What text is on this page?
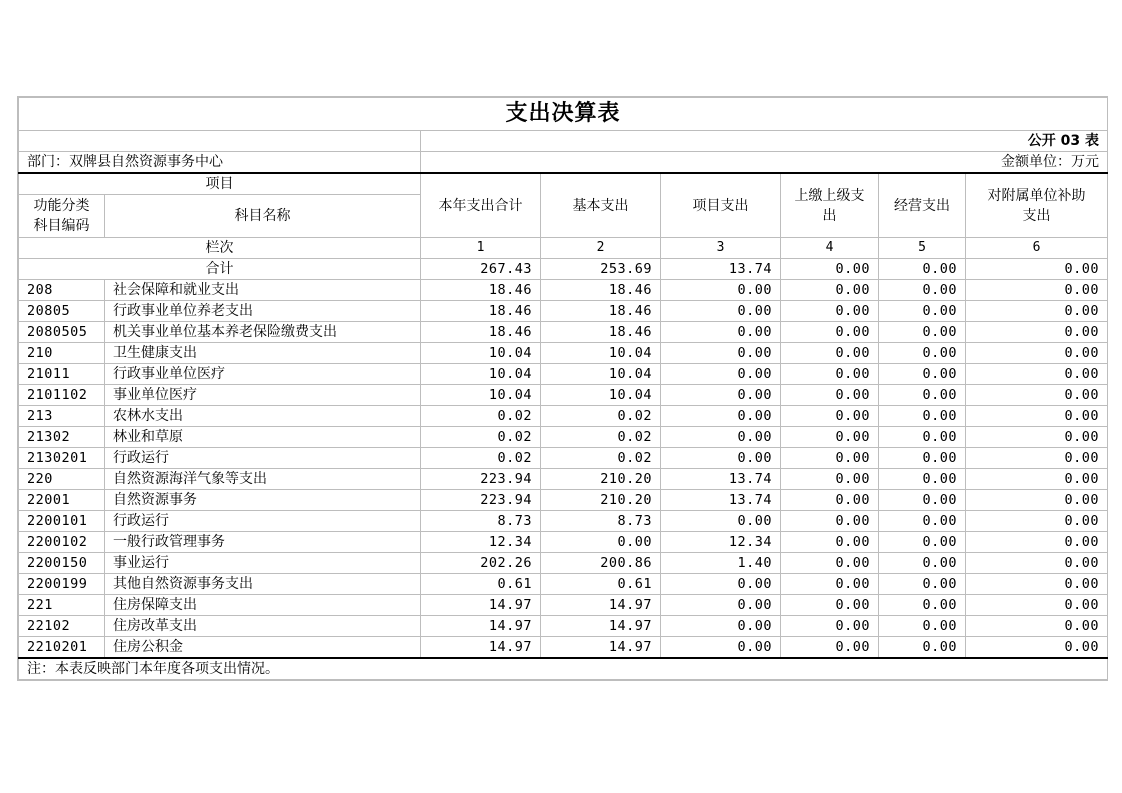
支出决算表							
		公开 03 表					
部门：双牌县自然资源事务中心		金额单位：万元					
项目		本年支出合计	基本支出	项目支出	上缴上级支出	经营支出	对附属单位补助支出
功能分类
科目编码	科目名称						
栏次		1	2	3	4	5	6
合计		267.43	253.69	13.74	0.00	0.00	0.00
208	社会保障和就业支出	18.46	18.46	0.00	0.00	0.00	0.00
20805	行政事业单位养老支出	18.46	18.46	0.00	0.00	0.00	0.00
2080505	机关事业单位基本养老保险缴费支出	18.46	18.46	0.00	0.00	0.00	0.00
210	卫生健康支出	10.04	10.04	0.00	0.00	0.00	0.00
21011	行政事业单位医疗	10.04	10.04	0.00	0.00	0.00	0.00
2101102	事业单位医疗	10.04	10.04	0.00	0.00	0.00	0.00
213	农林水支出	0.02	0.02	0.00	0.00	0.00	0.00
21302	林业和草原	0.02	0.02	0.00	0.00	0.00	0.00
2130201	行政运行	0.02	0.02	0.00	0.00	0.00	0.00
220	自然资源海洋气象等支出	223.94	210.20	13.74	0.00	0.00	0.00
22001	自然资源事务	223.94	210.20	13.74	0.00	0.00	0.00
2200101	行政运行	8.73	8.73	0.00	0.00	0.00	0.00
2200102	一般行政管理事务	12.34	0.00	12.34	0.00	0.00	0.00
2200150	事业运行	202.26	200.86	1.40	0.00	0.00	0.00
2200199	其他自然资源事务支出	0.61	0.61	0.00	0.00	0.00	0.00
221	住房保障支出	14.97	14.97	0.00	0.00	0.00	0.00
22102	住房改革支出	14.97	14.97	0.00	0.00	0.00	0.00
2210201	住房公积金	14.97	14.97	0.00	0.00	0.00	0.00
注：本表反映部门本年度各项支出情况。							
